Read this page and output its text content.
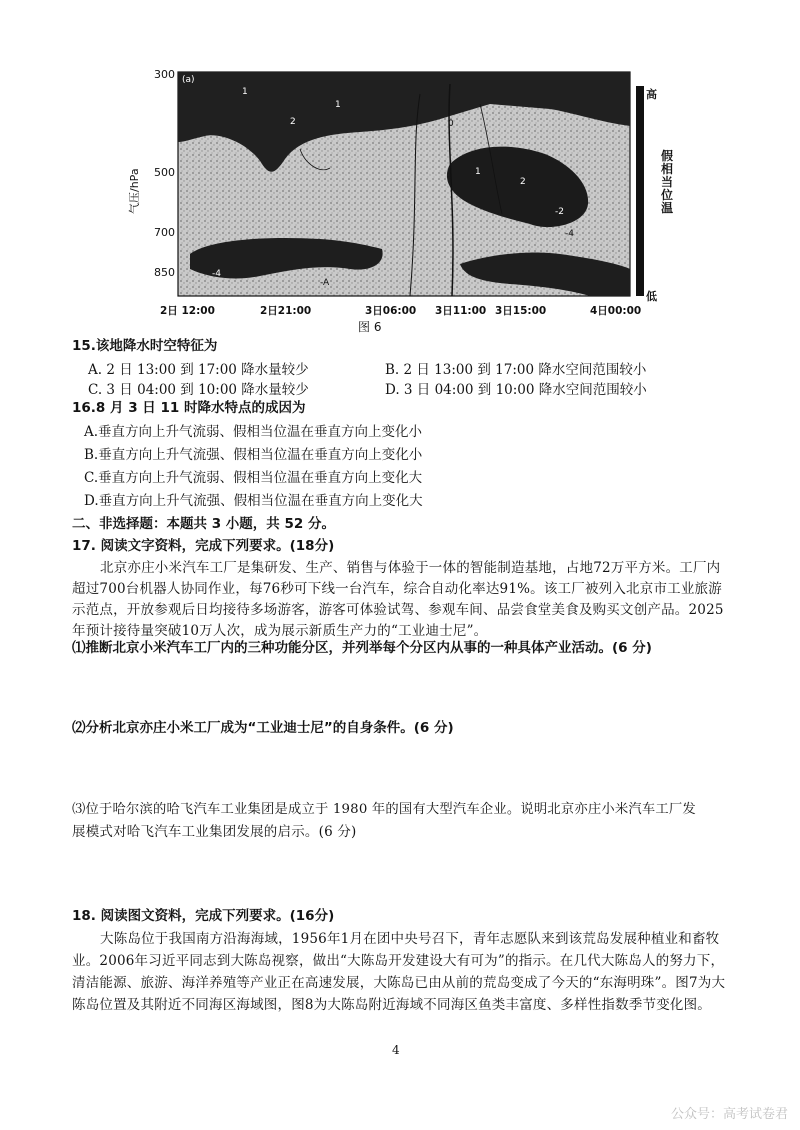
1
2
1
0
1
2
-2
-4
-A
-4
(a)
300
500
700
850
气压/hPa
2日 12:00	2日21:00	3日06:00 3日11:00 3日15:00	4日00:00
高
低
假相当位温
图 6
15.该地降水时空特征为
A. 2 日 13:00 到 17:00 降水量较少	B. 2 日 13:00 到 17:00 降水空间范围较小
C. 3 日 04:00 到 10:00 降水量较少	D. 3 日 04:00 到 10:00 降水空间范围较小
16.8 月 3 日 11 时降水特点的成因为
A.垂直方向上升气流弱、假相当位温在垂直方向上变化小
B.垂直方向上升气流强、假相当位温在垂直方向上变化小
C.垂直方向上升气流弱、假相当位温在垂直方向上变化大
D.垂直方向上升气流强、假相当位温在垂直方向上变化大
二、非选择题：本题共 3 小题，共 52 分。
17. 阅读文字资料，完成下列要求。(18分)
北京亦庄小米汽车工厂是集研发、生产、销售与体验于一体的智能制造基地，占地72万平方米。工厂内超过700台机器人协同作业，每76秒可下线一台汽车，综合自动化率达91%。该工厂被列入北京市工业旅游示范点，开放参观后日均接待多场游客，游客可体验试驾、参观车间、品尝食堂美食及购买文创产品。2025年预计接待量突破10万人次，成为展示新质生产力的“工业迪士尼”。
⑴推断北京小米汽车工厂内的三种功能分区，并列举每个分区内从事的一种具体产业活动。(6 分)
⑵分析北京亦庄小米工厂成为“工业迪士尼”的自身条件。(6 分)
⑶位于哈尔滨的哈飞汽车工业集团是成立于 1980 年的国有大型汽车企业。说明北京亦庄小米汽车工厂发
展模式对哈飞汽车工业集团发展的启示。(6 分)
18. 阅读图文资料，完成下列要求。(16分)
大陈岛位于我国南方沿海海域，1956年1月在团中央号召下，青年志愿队来到该荒岛发展种植业和畜牧业。2006年习近平同志到大陈岛视察，做出“大陈岛开发建设大有可为”的指示。在几代大陈岛人的努力下，清洁能源、旅游、海洋养殖等产业正在高速发展，大陈岛已由从前的荒岛变成了今天的“东海明珠”。图7为大陈岛位置及其附近不同海区海域图，图8为大陈岛附近海域不同海区鱼类丰富度、多样性指数季节变化图。
4
公众号：高考试卷君
